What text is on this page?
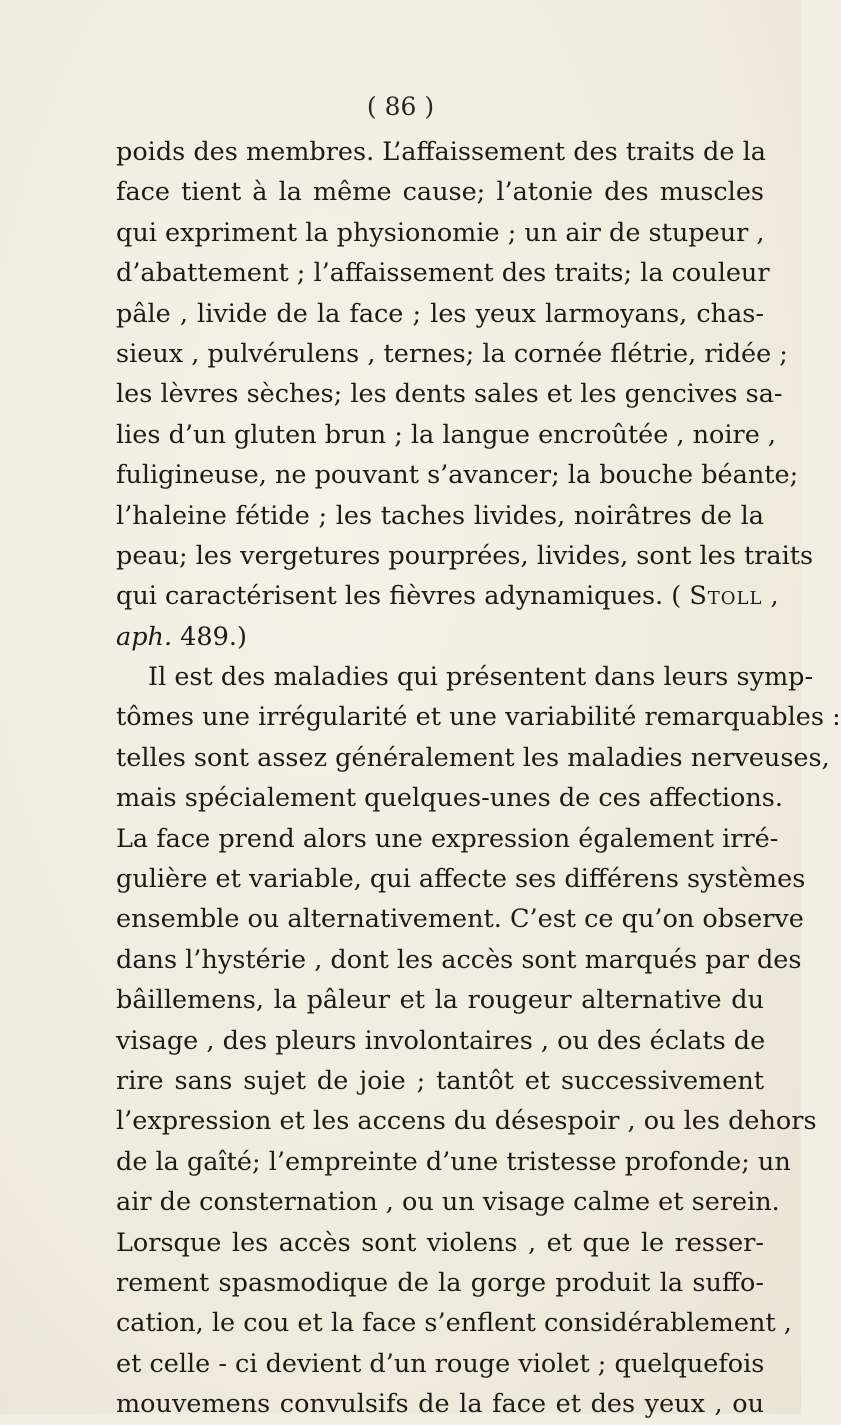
( 86 )
poids des membres. L’affaissement des traits de la
face tient à la même cause; l’atonie des muscles
qui expriment la physionomie ; un air de stupeur ,
d’abattement ; l’affaissement des traits; la couleur
pâle , livide de la face ; les yeux larmoyans, chas-
sieux , pulvérulens , ternes; la cornée flétrie, ridée ;
les lèvres sèches; les dents sales et les gencives sa-
lies d’un gluten brun ; la langue encroûtée , noire ,
fuligineuse, ne pouvant s’avancer; la bouche béante;
l’haleine fétide ; les taches livides, noirâtres de la
peau; les vergetures pourprées, livides, sont les traits
qui caractérisent les fièvres adynamiques. ( Stoll ,
aph. 489.)
Il est des maladies qui présentent dans leurs symp-
tômes une irrégularité et une variabilité remarquables :
telles sont assez généralement les maladies nerveuses,
mais spécialement quelques-unes de ces affections.
La face prend alors une expression également irré-
gulière et variable, qui affecte ses différens systèmes
ensemble ou alternativement. C’est ce qu’on observe
dans l’hystérie , dont les accès sont marqués par des
bâillemens, la pâleur et la rougeur alternative du
visage , des pleurs involontaires , ou des éclats de
rire sans sujet de joie ; tantôt et successivement
l’expression et les accens du désespoir , ou les dehors
de la gaîté; l’empreinte d’une tristesse profonde; un
air de consternation , ou un visage calme et serein.
Lorsque les accès sont violens , et que le resser-
rement spasmodique de la gorge produit la suffo-
cation, le cou et la face s’enflent considérablement ,
et celle - ci devient d’un rouge violet ; quelquefois
mouvemens convulsifs de la face et des yeux , ou
